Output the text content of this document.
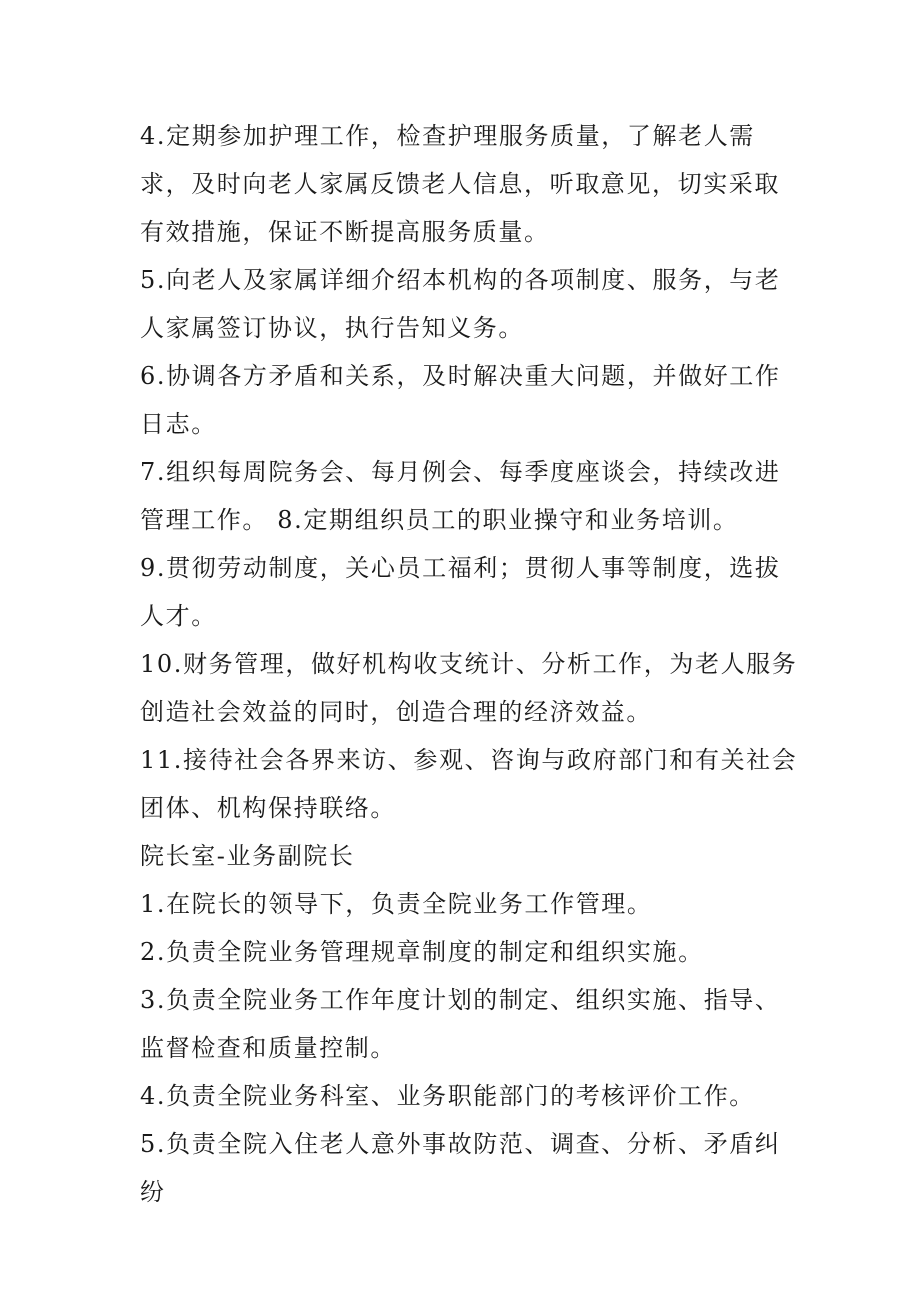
4.定期参加护理工作，检查护理服务质量，了解老人需求，及时向老人家属反馈老人信息，听取意见，切实采取有效措施，保证不断提高服务质量。

5.向老人及家属详细介绍本机构的各项制度、服务，与老人家属签订协议，执行告知义务。

6.协调各方矛盾和关系，及时解决重大问题，并做好工作日志。

7.组织每周院务会、每月例会、每季度座谈会，持续改进管理工作。 8.定期组织员工的职业操守和业务培训。

9.贯彻劳动制度，关心员工福利；贯彻人事等制度，选拔人才。

10.财务管理，做好机构收支统计、分析工作，为老人服务创造社会效益的同时，创造合理的经济效益。

11.接待社会各界来访、参观、咨询与政府部门和有关社会团体、机构保持联络。

院长室-业务副院长

1.在院长的领导下，负责全院业务工作管理。

2.负责全院业务管理规章制度的制定和组织实施。

3.负责全院业务工作年度计划的制定、组织实施、指导、监督检查和质量控制。

4.负责全院业务科室、业务职能部门的考核评价工作。

5.负责全院入住老人意外事故防范、调查、分析、矛盾纠纷
